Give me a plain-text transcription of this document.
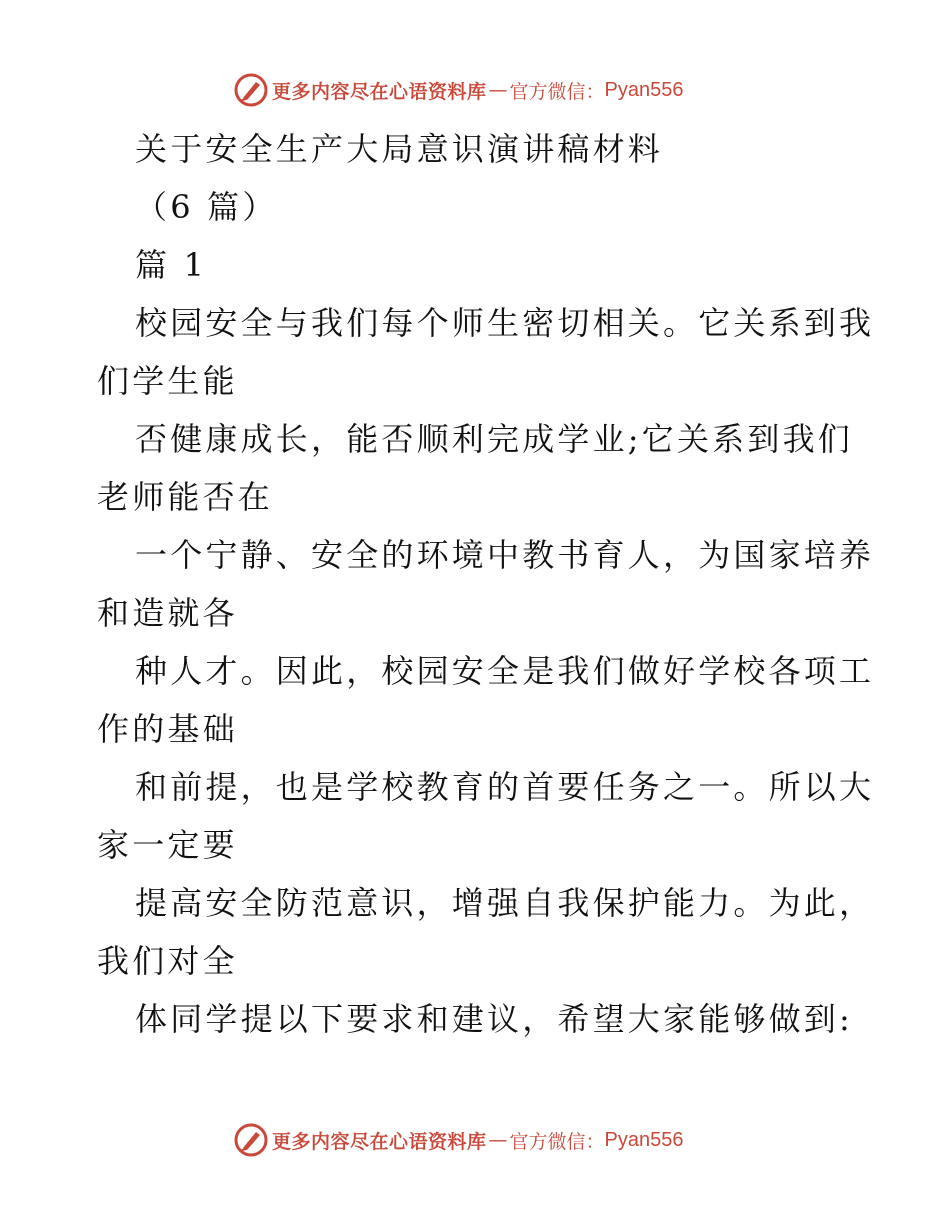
更多内容尽在心语资料库 — 官方微信： Pyan556
关于安全生产大局意识演讲稿材料
（6 篇）
篇 1
校园安全与我们每个师生密切相关。它关系到我
们学生能
否健康成长，能否顺利完成学业;它关系到我们
老师能否在
一个宁静、安全的环境中教书育人，为国家培养
和造就各
种人才。因此，校园安全是我们做好学校各项工
作的基础
和前提，也是学校教育的首要任务之一。所以大
家一定要
提高安全防范意识，增强自我保护能力。为此，
我们对全
体同学提以下要求和建议，希望大家能够做到:
更多内容尽在心语资料库 — 官方微信： Pyan556
